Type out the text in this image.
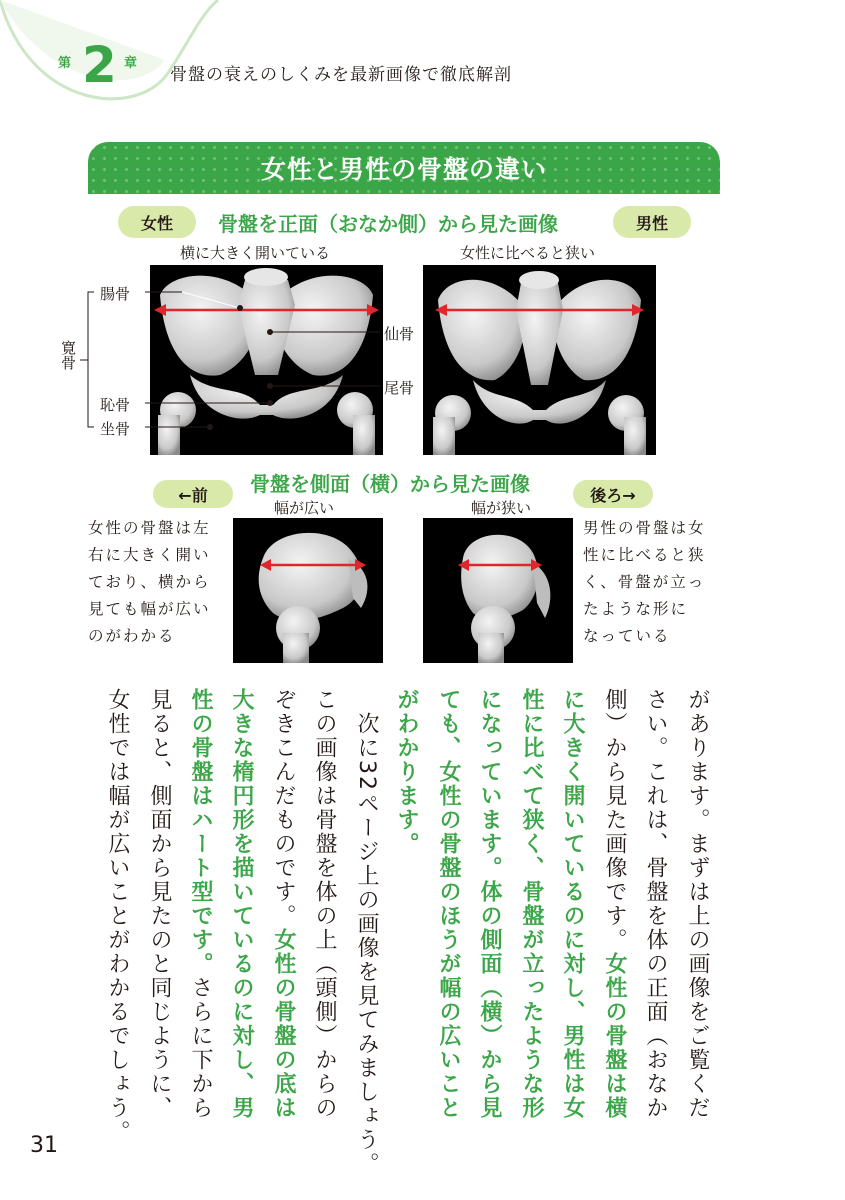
第 2 章
骨盤の衰えのしくみを最新画像で徹底解剖
女性と男性の骨盤の違い
女性	骨盤を正面（おなか側）から見た画像	男性
横に大きく開いている	女性に比べると狭い
腸骨
寛骨
恥骨
坐骨
仙骨
尾骨
骨盤を側面（横）から見た画像
←前	後ろ→
幅が広い	幅が狭い
女性の骨盤は左
右に大きく開い
ており、横から
見ても幅が広い
のがわかる
男性の骨盤は女
性に比べると狭
く、骨盤が立っ
たような形に
なっている
があります。まずは上の画像をご覧くだ
さい。これは、骨盤を体の正面（おなか
側）から見た画像です。女性の骨盤は横
に大きく開いているのに対し、男性は女
性に比べて狭く、骨盤が立ったような形
になっています。体の側面（横）から見
ても、女性の骨盤のほうが幅の広いこと
がわかります。
　次に32ページ上の画像を見てみましょう。
この画像は骨盤を体の上（頭側）からの
ぞきこんだものです。女性の骨盤の底は
大きな楕円形を描いているのに対し、男
性の骨盤はハート型です。さらに下から
見ると、側面から見たのと同じように、
女性では幅が広いことがわかるでしょう。
31
